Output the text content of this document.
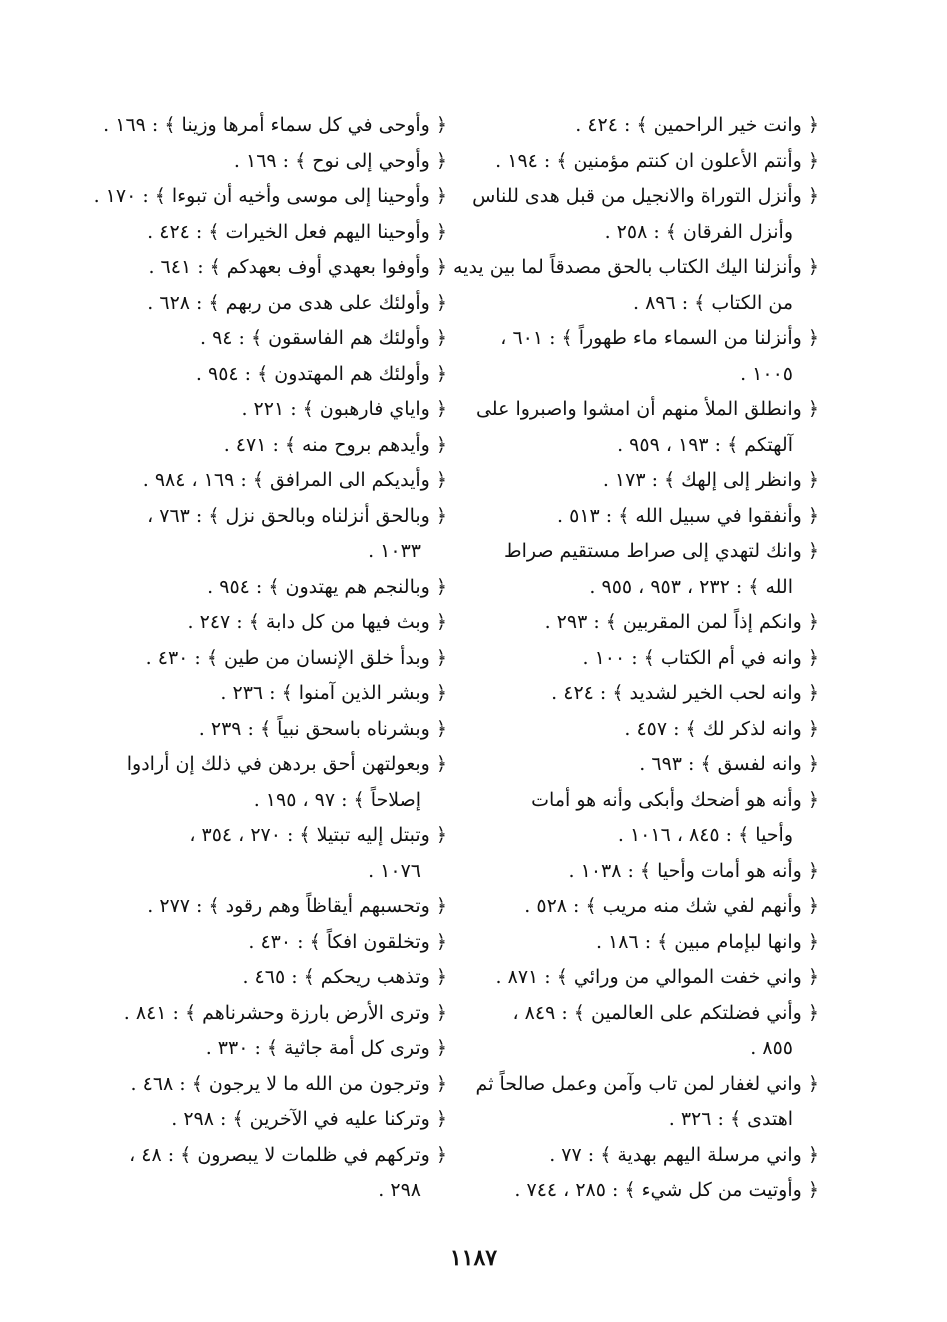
﴿ وانت خير الراحمين ﴾ : ٤٢٤ .

﴿ وأنتم الأعلون ان كنتم مؤمنين ﴾ : ١٩٤ .

﴿ وأنزل التوراة والانجيل من قبل هدى للناس
وأنزل الفرقان ﴾ : ٢٥٨ .

﴿ وأنزلنا اليك الكتاب بالحق مصدقاً لما بين يديه
من الكتاب ﴾ : ٨٩٦ .

﴿ وأنزلنا من السماء ماء طهوراً ﴾ : ٦٠١ ،
١٠٠٥ .

﴿ وانطلق الملأ منهم أن امشوا واصبروا على
آلهتكم ﴾ : ١٩٣ ، ٩٥٩ .

﴿ وانظر إلى إلهك ﴾ : ١٧٣ .

﴿ وأنفقوا في سبيل الله ﴾ : ٥١٣ .

﴿ وانك لتهدي إلى صراط مستقيم صراط
الله ﴾ : ٢٣٢ ، ٩٥٣ ، ٩٥٥ .

﴿ وانكم إذاً لمن المقربين ﴾ : ٢٩٣ .

﴿ وانه في أم الكتاب ﴾ : ١٠٠ .

﴿ وانه لحب الخير لشديد ﴾ : ٤٢٤ .

﴿ وانه لذكر لك ﴾ : ٤٥٧ .

﴿ وانه لفسق ﴾ : ٦٩٣ .

﴿ وأنه هو أضحك وأبكى وأنه هو أمات
وأحيا ﴾ : ٨٤٥ ، ١٠١٦ .

﴿ وأنه هو أمات وأحيا ﴾ : ١٠٣٨ .

﴿ وأنهم لفي شك منه مريب ﴾ : ٥٢٨ .

﴿ وانها لبإمام مبين ﴾ : ١٨٦ .

﴿ واني خفت الموالي من ورائي ﴾ : ٨٧١ .

﴿ وأني فضلتكم على العالمين ﴾ : ٨٤٩ ،
٨٥٥ .

﴿ واني لغفار لمن تاب وآمن وعمل صالحاً ثم
اهتدى ﴾ : ٣٢٦ .

﴿ واني مرسلة اليهم بهدية ﴾ : ٧٧ .

﴿ وأوتيت من كل شيء ﴾ : ٢٨٥ ، ٧٤٤ .

﴿ وأوحى في كل سماء أمرها وزينا ﴾ : ١٦٩ .

﴿ وأوحي إلى نوح ﴾ : ١٦٩ .

﴿ وأوحينا إلى موسى وأخيه أن تبوءا ﴾ : ١٧٠ .

﴿ وأوحينا اليهم فعل الخيرات ﴾ : ٤٢٤ .

﴿ وأوفوا بعهدي أوف بعهدكم ﴾ : ٦٤١ .

﴿ وأولئك على هدى من ربهم ﴾ : ٦٢٨ .

﴿ وأولئك هم الفاسقون ﴾ : ٩٤ .

﴿ وأولئك هم المهتدون ﴾ : ٩٥٤ .

﴿ واياي فارهبون ﴾ : ٢٢١ .

﴿ وأيدهم بروح منه ﴾ : ٤٧١ .

﴿ وأيديكم الى المرافق ﴾ : ١٦٩ ، ٩٨٤ .

﴿ وبالحق أنزلناه وبالحق نزل ﴾ : ٧٦٣ ،
١٠٣٣ .

﴿ وبالنجم هم يهتدون ﴾ : ٩٥٤ .

﴿ وبث فيها من كل دابة ﴾ : ٢٤٧ .

﴿ وبدأ خلق الإنسان من طين ﴾ : ٤٣٠ .

﴿ وبشر الذين آمنوا ﴾ : ٢٣٦ .

﴿ وبشرناه باسحق نبياً ﴾ : ٢٣٩ .

﴿ وبعولتهن أحق بردهن في ذلك إن أرادوا
إصلاحاً ﴾ : ٩٧ ، ١٩٥ .

﴿ وتبتل إليه تبتيلا ﴾ : ٢٧٠ ، ٣٥٤ ،
١٠٧٦ .

﴿ وتحسبهم أيقاظاً وهم رقود ﴾ : ٢٧٧ .

﴿ وتخلقون افكاً ﴾ : ٤٣٠ .

﴿ وتذهب ريحكم ﴾ : ٤٦٥ .

﴿ وترى الأرض بارزة وحشرناهم ﴾ : ٨٤١ .

﴿ وترى كل أمة جاثية ﴾ : ٣٣٠ .

﴿ وترجون من الله ما لا يرجون ﴾ : ٤٦٨ .

﴿ وتركنا عليه في الآخرين ﴾ : ٢٩٨ .

﴿ وتركهم في ظلمات لا يبصرون ﴾ : ٤٨ ،
٢٩٨ .

١١٨٧
